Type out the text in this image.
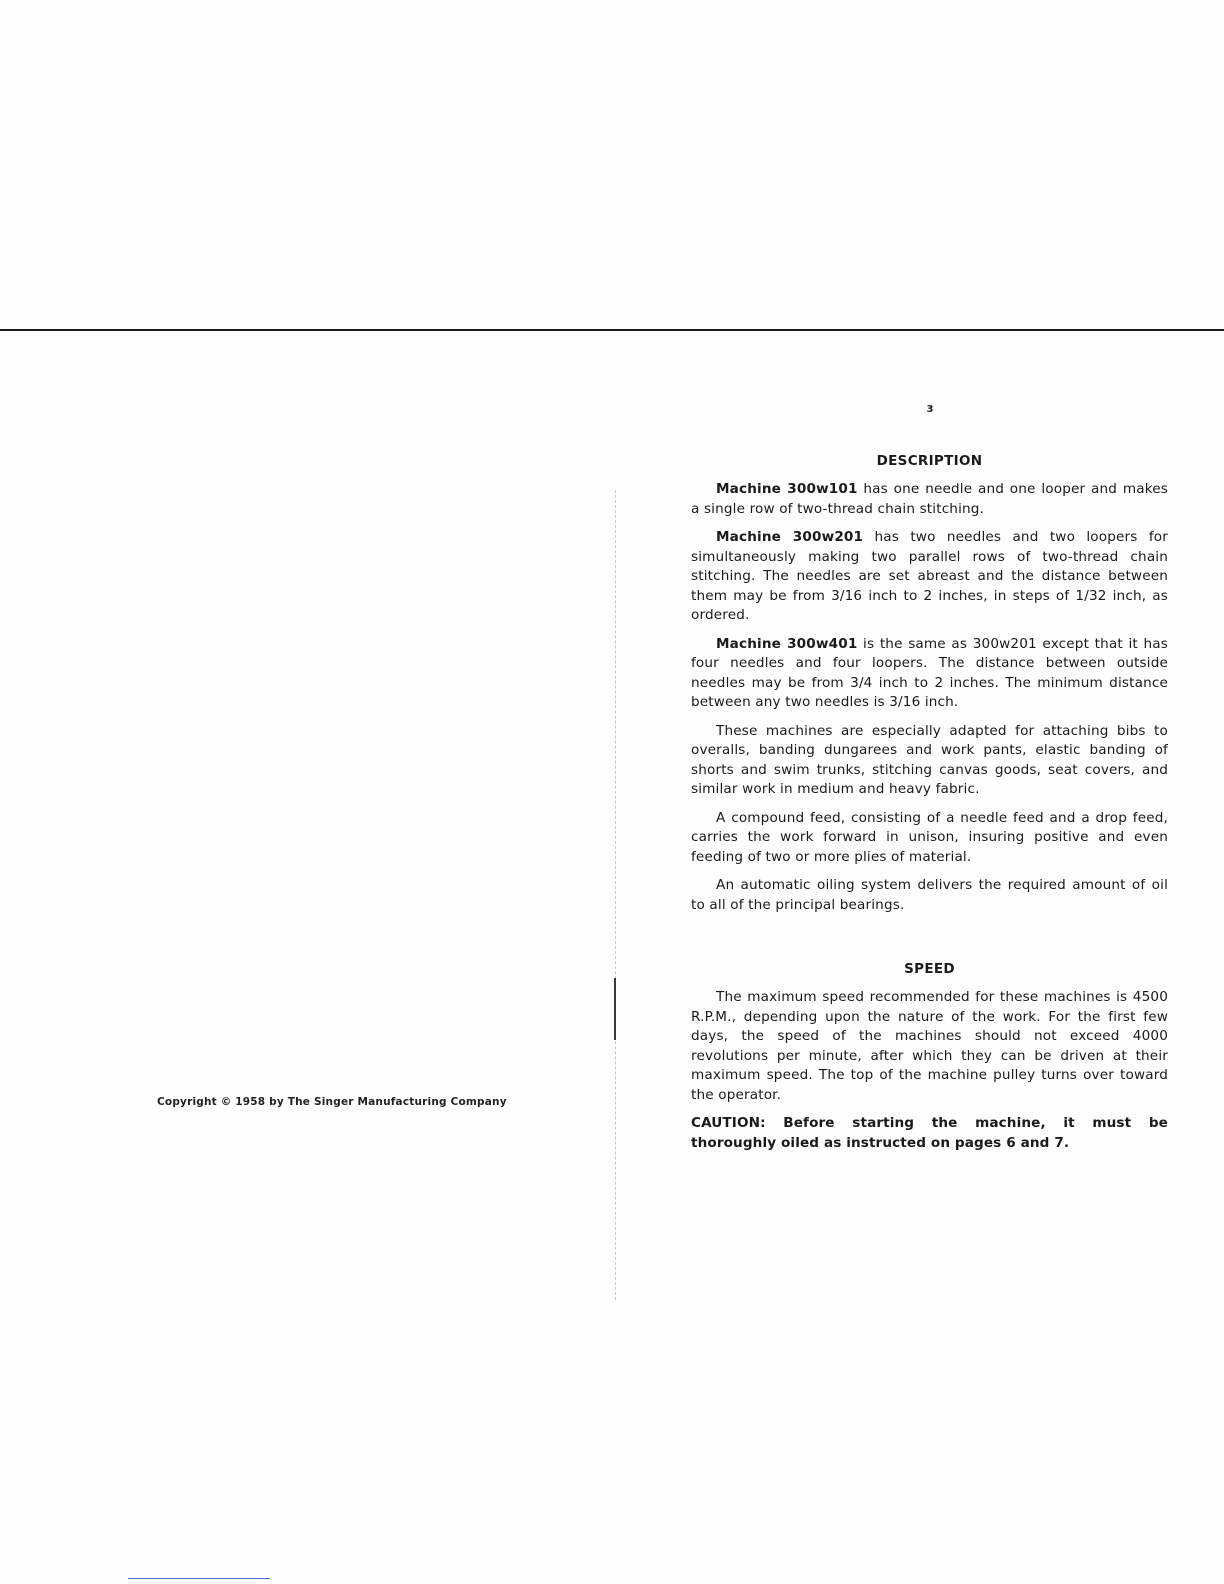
Copyright © 1958 by The Singer Manufacturing Company
3
DESCRIPTION

Machine 300w101 has one needle and one looper and makes a single row of two-thread chain stitching.

Machine 300w201 has two needles and two loopers for simultaneously making two parallel rows of two-thread chain stitching. The needles are set abreast and the distance between them may be from 3/16 inch to 2 inches, in steps of 1/32 inch, as ordered.

Machine 300w401 is the same as 300w201 except that it has four needles and four loopers. The distance between outside needles may be from 3/4 inch to 2 inches. The minimum distance between any two needles is 3/16 inch.

These machines are especially adapted for attaching bibs to overalls, banding dungarees and work pants, elastic banding of shorts and swim trunks, stitching canvas goods, seat covers, and similar work in medium and heavy fabric.

A compound feed, consisting of a needle feed and a drop feed, carries the work forward in unison, insuring positive and even feeding of two or more plies of material.

An automatic oiling system delivers the required amount of oil to all of the principal bearings.

SPEED

The maximum speed recommended for these machines is 4500 R.P.M., depending upon the nature of the work. For the first few days, the speed of the machines should not exceed 4000 revolutions per minute, after which they can be driven at their maximum speed. The top of the machine pulley turns over toward the operator.

CAUTION: Before starting the machine, it must be thoroughly oiled as instructed on pages 6 and 7.
